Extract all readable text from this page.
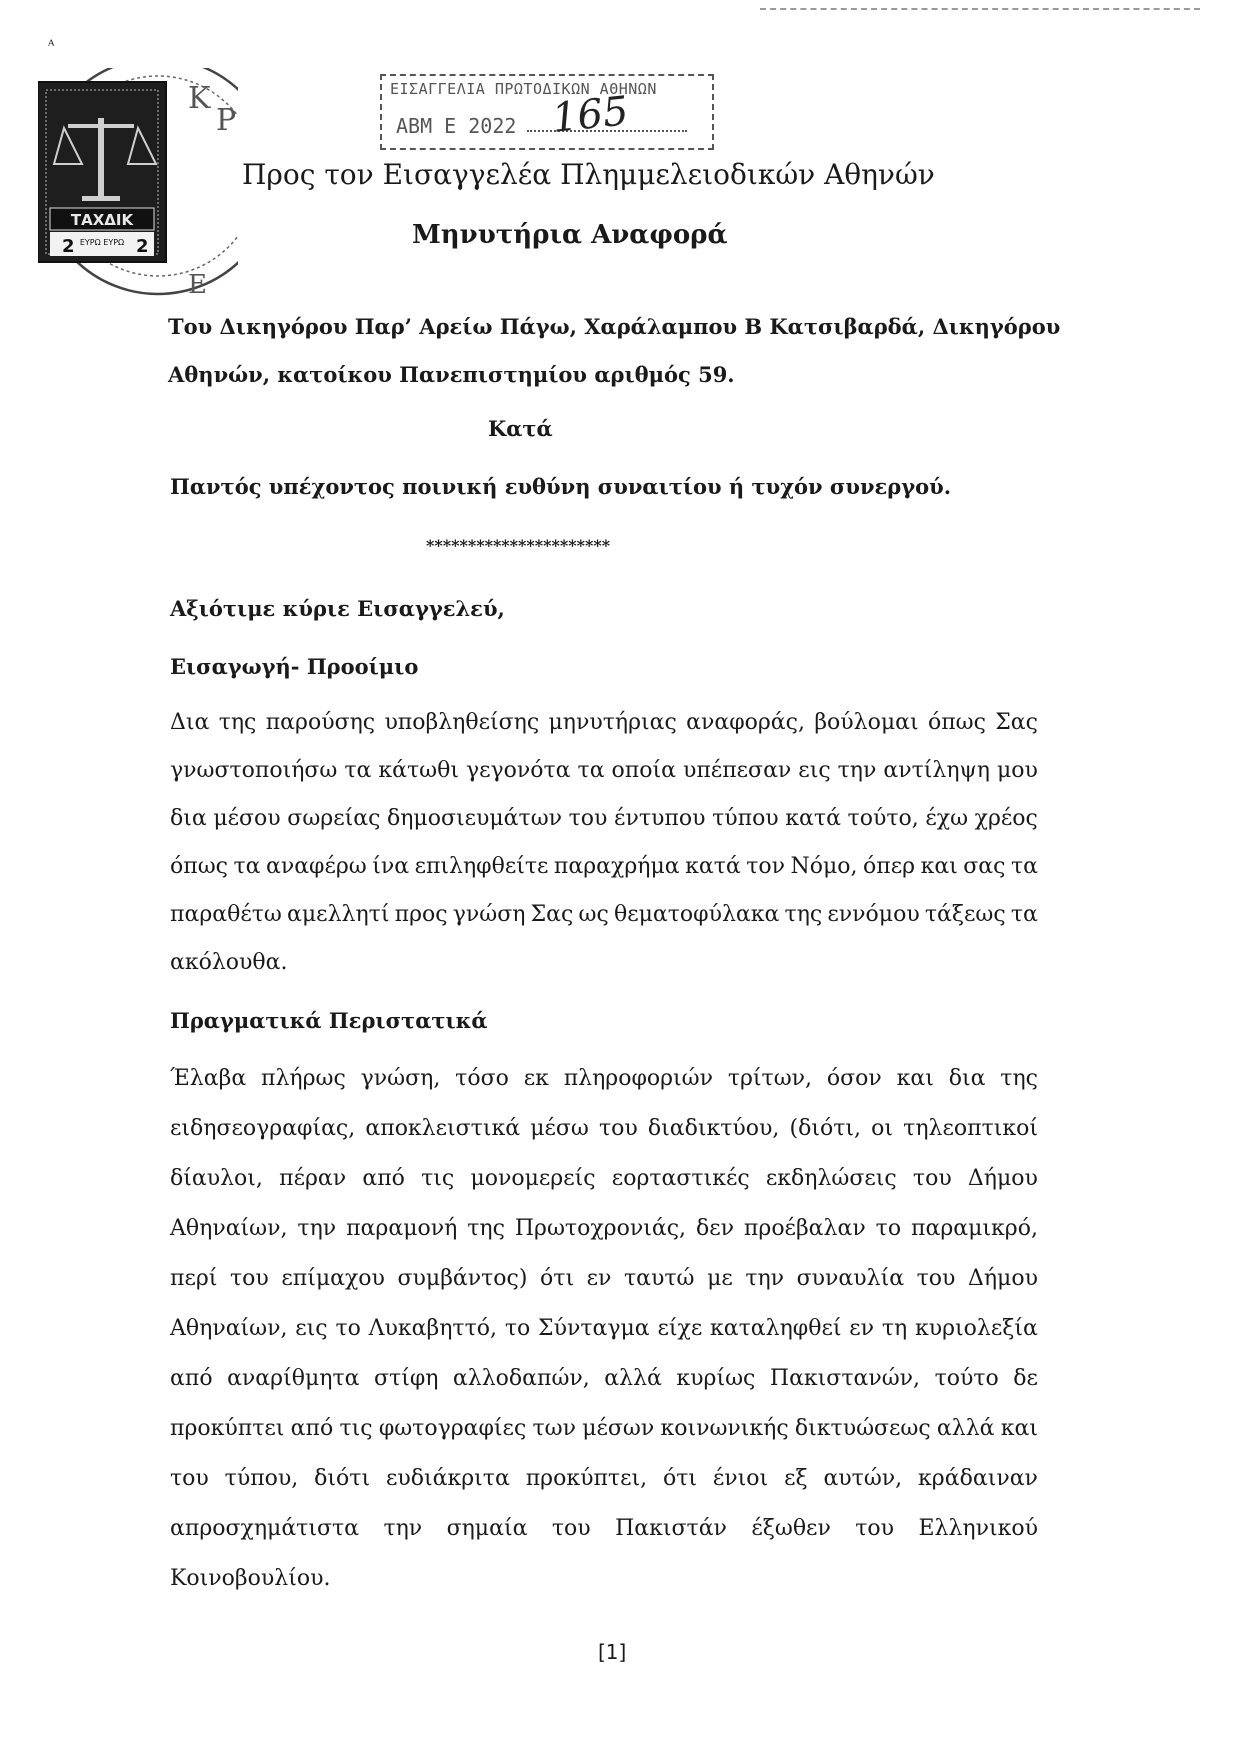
ᴬ
ΤΑΧΔΙΚ
2	2
ΕΥΡΩ ΕΥΡΩ
Κ
Ρ
Ε
ΕΙΣΑΓΓΕΛΙΑ ΠΡΩΤΟΔΙΚΩΝ ΑΘΗΝΩΝ
ΑΒΜ Ε 2022 165
Προς τον Εισαγγελέα Πλημμελειοδικών Αθηνών
Μηνυτήρια Αναφορά
Του Δικηγόρου Παρ’ Αρείω Πάγω, Χαράλαμπου Β Κατσιβαρδά, Δικηγόρου
Αθηνών, κατοίκου Πανεπιστημίου αριθμός 59.
Κατά
Παντός υπέχοντος ποινική ευθύνη συναιτίου ή τυχόν συνεργού.
**********************
Αξιότιμε κύριε Εισαγγελεύ,
Εισαγωγή- Προοίμιο
Δια της παρούσης υποβληθείσης μηνυτήριας αναφοράς, βούλομαι όπως Σας
γνωστοποιήσω τα κάτωθι γεγονότα τα οποία υπέπεσαν εις την αντίληψη μου
δια μέσου σωρείας δημοσιευμάτων του έντυπου τύπου κατά τούτο, έχω χρέος
όπως τα αναφέρω ίνα επιληφθείτε παραχρήμα κατά τον Νόμο, όπερ και σας τα
παραθέτω αμελλητί προς γνώση Σας ως θεματοφύλακα της εννόμου τάξεως τα
ακόλουθα.
Πραγματικά Περιστατικά
Έλαβα πλήρως γνώση, τόσο εκ πληροφοριών τρίτων, όσον και δια της
ειδησεογραφίας, αποκλειστικά μέσω του διαδικτύου, (διότι, οι τηλεοπτικοί
δίαυλοι, πέραν από τις μονομερείς εορταστικές εκδηλώσεις του Δήμου
Αθηναίων, την παραμονή της Πρωτοχρονιάς, δεν προέβαλαν το παραμικρό,
περί του επίμαχου συμβάντος) ότι εν ταυτώ με την συναυλία του Δήμου
Αθηναίων, εις το Λυκαβηττό, το Σύνταγμα είχε καταληφθεί εν τη κυριολεξία
από αναρίθμητα στίφη αλλοδαπών, αλλά κυρίως Πακιστανών, τούτο δε
προκύπτει από τις φωτογραφίες των μέσων κοινωνικής δικτυώσεως αλλά και
του τύπου, διότι ευδιάκριτα προκύπτει, ότι ένιοι εξ αυτών, κράδαιναν
απροσχημάτιστα την σημαία του Πακιστάν έξωθεν του Ελληνικού
Κοινοβουλίου.
[1]
